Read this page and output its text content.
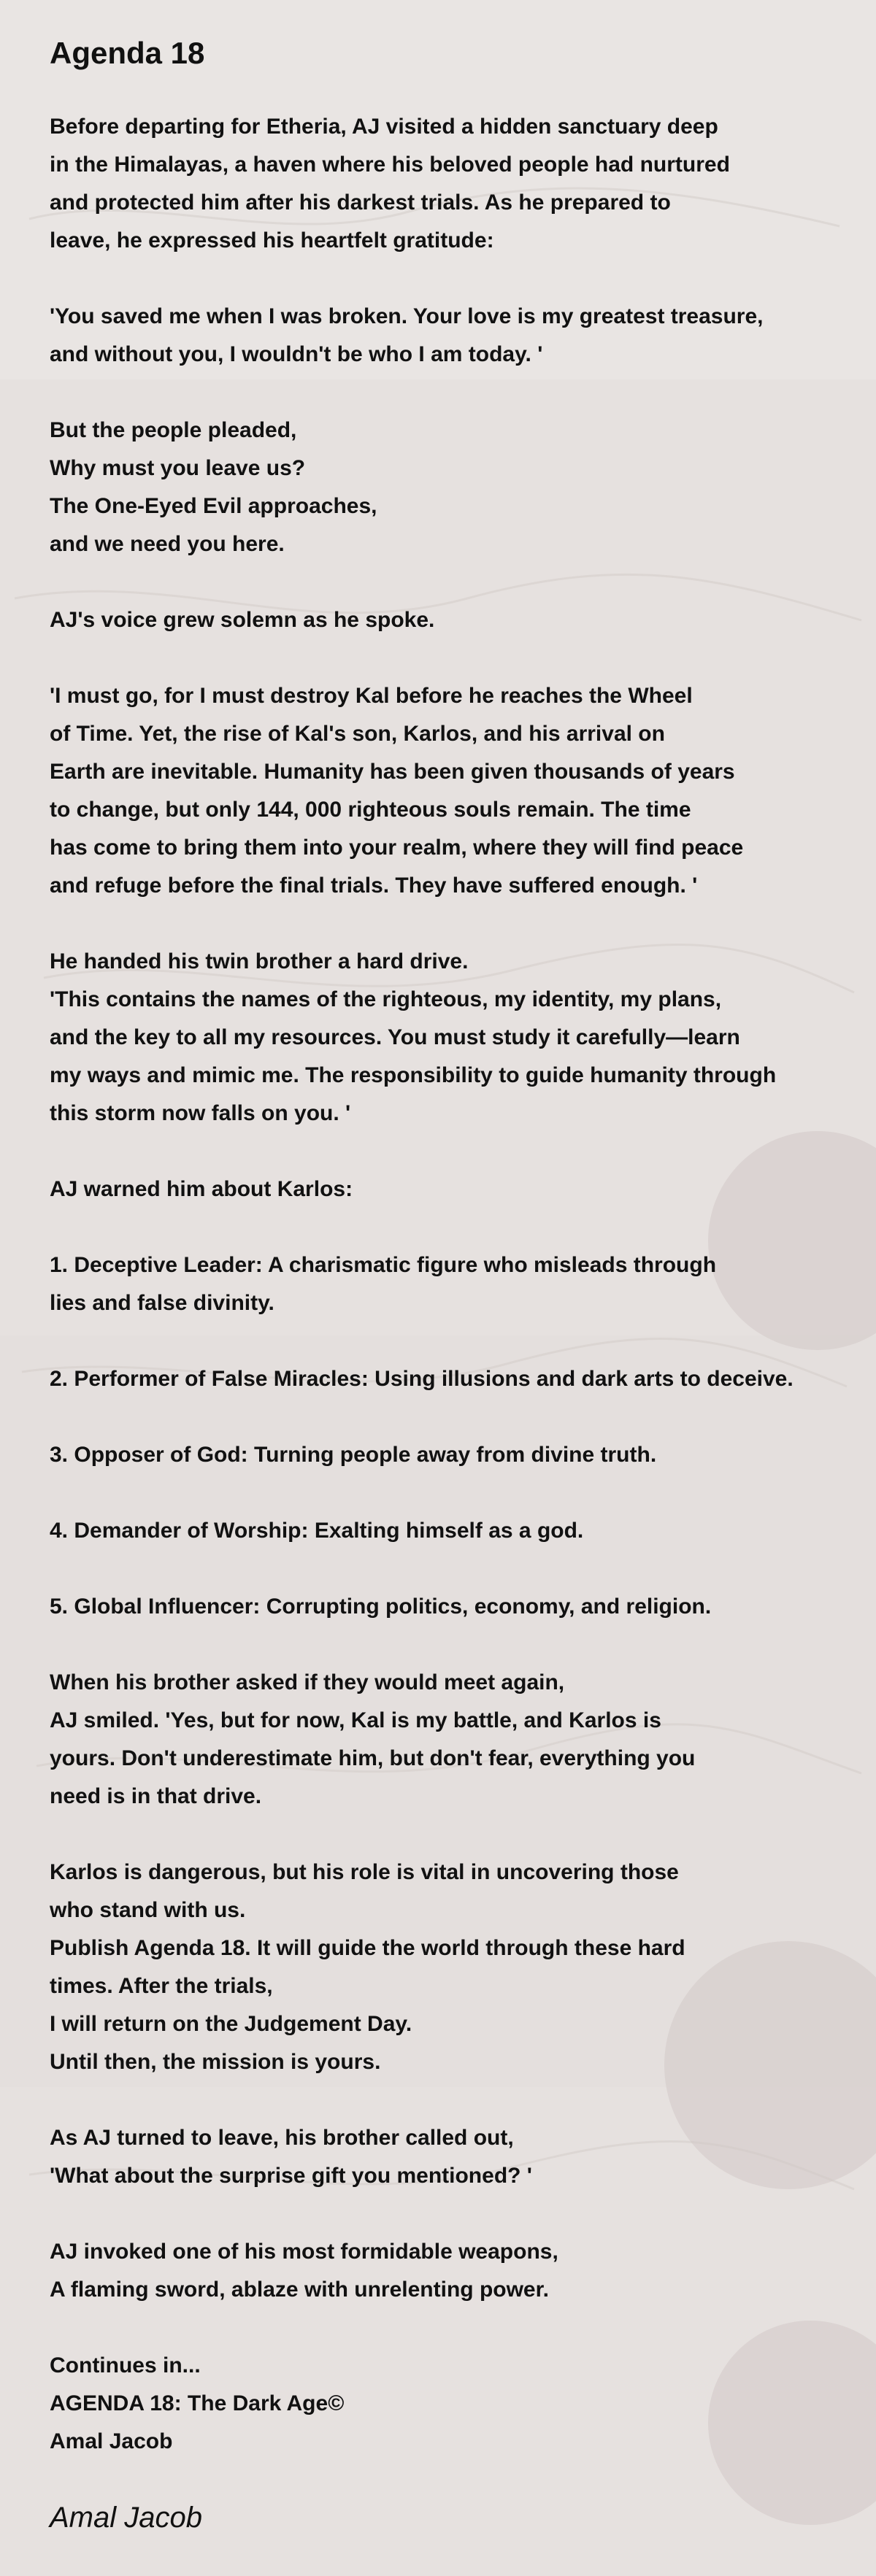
Agenda 18

Before departing for Etheria, AJ visited a hidden sanctuary deep
in the Himalayas, a haven where his beloved people had nurtured
and protected him after his darkest trials. As he prepared to
leave, he expressed his heartfelt gratitude:

'You saved me when I was broken. Your love is my greatest treasure,
and without you, I wouldn't be who I am today. '

But the people pleaded,
Why must you leave us?
The One-Eyed Evil approaches,
and we need you here.

AJ's voice grew solemn as he spoke.

'I must go, for I must destroy Kal before he reaches the Wheel
of Time. Yet, the rise of Kal's son, Karlos, and his arrival on
Earth are inevitable. Humanity has been given thousands of years
to change, but only 144, 000 righteous souls remain. The time
has come to bring them into your realm, where they will find peace
and refuge before the final trials. They have suffered enough. '

He handed his twin brother a hard drive.
'This contains the names of the righteous, my identity, my plans,
and the key to all my resources. You must study it carefully—learn
my ways and mimic me. The responsibility to guide humanity through
this storm now falls on you. '

AJ warned him about Karlos:

1. Deceptive Leader: A charismatic figure who misleads through
lies and false divinity.

2. Performer of False Miracles: Using illusions and dark arts to deceive.

3. Opposer of God: Turning people away from divine truth.

4. Demander of Worship: Exalting himself as a god.

5. Global Influencer: Corrupting politics, economy, and religion.

When his brother asked if they would meet again,
AJ smiled. 'Yes, but for now, Kal is my battle, and Karlos is
yours. Don't underestimate him, but don't fear, everything you
need is in that drive.

Karlos is dangerous, but his role is vital in uncovering those
who stand with us.
Publish Agenda 18. It will guide the world through these hard
times. After the trials,
I will return on the Judgement Day.
Until then, the mission is yours.

As AJ turned to leave, his brother called out,
'What about the surprise gift you mentioned? '

AJ invoked one of his most formidable weapons,
A flaming sword, ablaze with unrelenting power.

Continues in...
AGENDA 18: The Dark Age©
Amal Jacob

Amal Jacob
